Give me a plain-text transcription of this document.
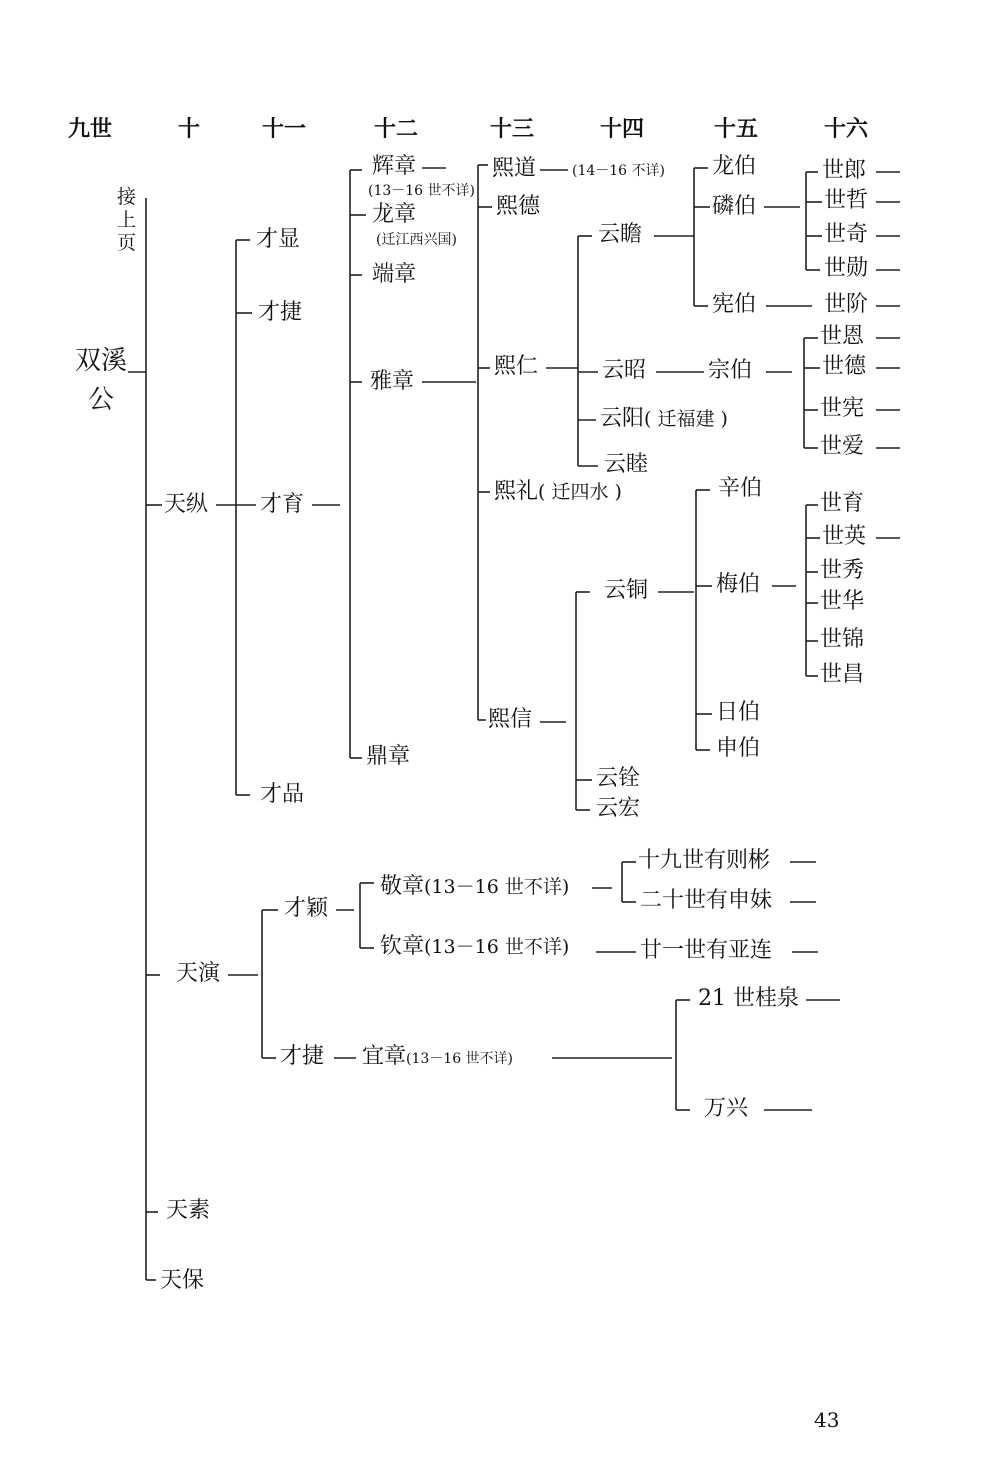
九世	十	十一	十二	十三	十四	十五	十六
接上页
双溪公
天纵
天演
天素
天保
才显
才捷
才育
才品
才颖
才捷
辉章
(13－16 世不详)
龙章
(迁江西兴国)
端章
雅章
鼎章
敬章(13－16 世不详)
钦章(13－16 世不详)
宜章(13－16 世不详)
熙道	(14－16 不详)
熙德
熙仁
熙礼( 迁四水 )
熙信
云瞻
云昭
云阳( 迁福建 )
云睦
云铜
云铨
云宏
龙伯
磷伯
宪伯
宗伯
辛伯
梅伯
日伯
申伯
世郎
世哲
世奇
世勋
世阶
世恩
世德
世宪
世爱
世育
世英
世秀
世华
世锦
世昌
十九世有则彬
二十世有申妹
廿一世有亚连
21 世桂泉
万兴
43
